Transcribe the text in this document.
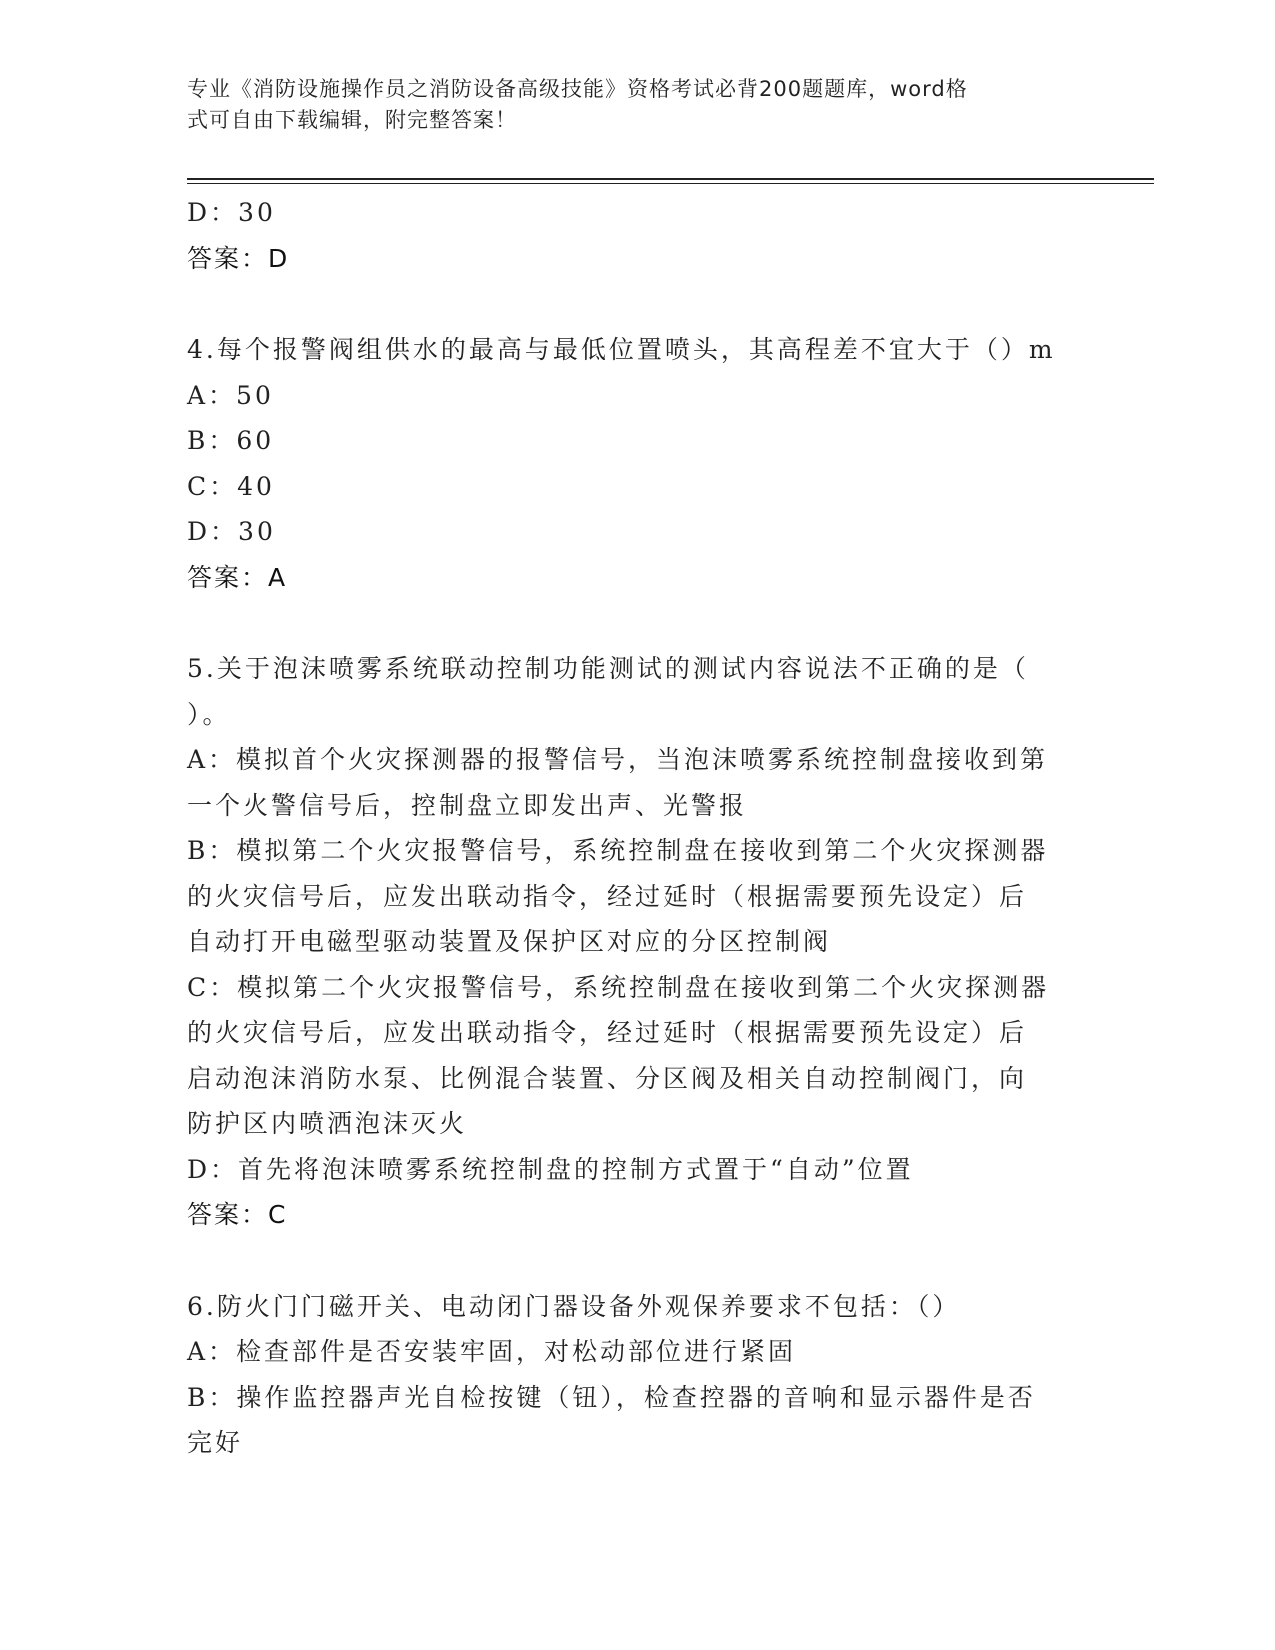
专业《消防设施操作员之消防设备高级技能》资格考试必背200题题库，word格
式可自由下载编辑，附完整答案！
D：30
答案：D
4.每个报警阀组供水的最高与最低位置喷头，其高程差不宜大于（）m
A：50
B：60
C：40
D：30
答案：A
5.关于泡沫喷雾系统联动控制功能测试的测试内容说法不正确的是（
）。
A：模拟首个火灾探测器的报警信号，当泡沫喷雾系统控制盘接收到第
一个火警信号后，控制盘立即发出声、光警报
B：模拟第二个火灾报警信号，系统控制盘在接收到第二个火灾探测器
的火灾信号后，应发出联动指令，经过延时（根据需要预先设定）后
自动打开电磁型驱动装置及保护区对应的分区控制阀
C：模拟第二个火灾报警信号，系统控制盘在接收到第二个火灾探测器
的火灾信号后，应发出联动指令，经过延时（根据需要预先设定）后
启动泡沫消防水泵、比例混合装置、分区阀及相关自动控制阀门，向
防护区内喷洒泡沫灭火
D：首先将泡沫喷雾系统控制盘的控制方式置于“自动”位置
答案：C
6.防火门门磁开关、电动闭门器设备外观保养要求不包括：（）
A：检查部件是否安装牢固，对松动部位进行紧固
B：操作监控器声光自检按键（钮），检查控器的音响和显示器件是否
完好
